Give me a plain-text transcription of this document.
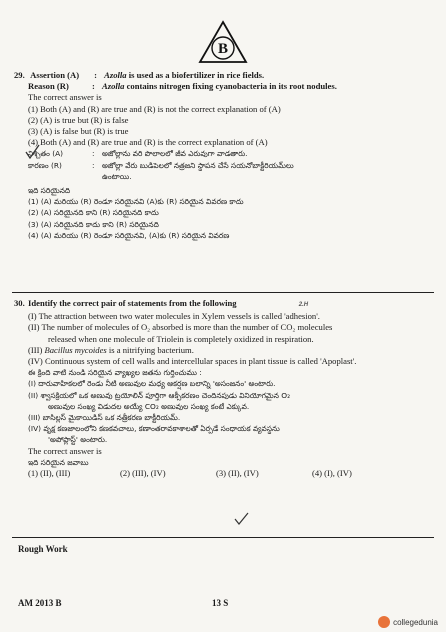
B
29. Assertion (A) : Azolla is used as a biofertilizer in rice fields.
Reason (R)	: Azolla contains nitrogen fixing cyanobacteria in its root nodules.
The correct answer is
(1) Both (A) and (R) are true and (R) is not the correct explanation of (A)
(2) (A) is true but (R) is false
(3) (A) is false but (R) is true
(4) Both (A) and (R) are true and (R) is the correct explanation of (A)
నిశ్చితం (A)	: అజోల్లాను వరి పొలాలలో జీవ ఎరువుగా వాడతారు.
కారణం (R)	: అజోల్లా వేరు బుడిపెలలో నత్రజని స్థాపన చేసే సయనోబాక్టీరియమ్‌లు
ఉంటాయి.
ఇది సరియైనది
(1) (A) మరియు (R) రెండూ సరియైనవి (A)కు (R) సరియైన వివరణ కాదు
(2) (A) సరియైనది కాని (R) సరియైనది కాదు
(3) (A) సరియైనది కాదు కాని (R) సరియైనది
(4) (A) మరియు (R) రెండూ సరియైనవి, (A)కు (R) సరియైన వివరణ
30. Identify the correct pair of statements from the following	2.H
(I) The attraction between two water molecules in Xylem vessels is called 'adhesion'.
(II) The number of molecules of O₂ absorbed is more than the number of CO₂ molecules
released when one molecule of Triolein is completely oxidized in respiration.
(III) Bacillus mycoides is a nitrifying bacterium.
(IV) Continuous system of cell walls and intercellular spaces in plant tissue is called 'Apoplast'.
ఈ క్రింది వాటి నుండి సరియైన వ్యాఖ్యల జతను గుర్తించుము :
(I) దారువాహికలలో రెండు నీటి అణువుల మధ్య ఆకర్షణ బలాన్ని 'అసంజనం' అంటారు.
(II) శ్వాసక్రియలో ఒక అణువు ట్రయోలిన్ పూర్తిగా ఆక్సీకరణం చెందినపుడు వినియోగమైన O₂
అణువుల సంఖ్య విడుదల అయ్యే CO₂ అణువుల సంఖ్య కంటే ఎక్కువ.
(III) బాసిల్లస్ మైకాయిడిస్ ఒక నత్రీకరణ బాక్టీరియమ్.
(IV) వృక్ష కణజాలంలోని కణకవచాలు, కణాంతరావకాశాలతో ఏర్పడే సంధాయక వ్యవస్థను
'అపోప్లాస్ట్' అంటారు.
The correct answer is
ఇది సరియైన జవాబు
(1) (II), (III)	(2) (III), (IV)	(3) (II), (IV)	(4) (I), (IV)
Rough Work
AM 2013 B	13 S
collegedunia
